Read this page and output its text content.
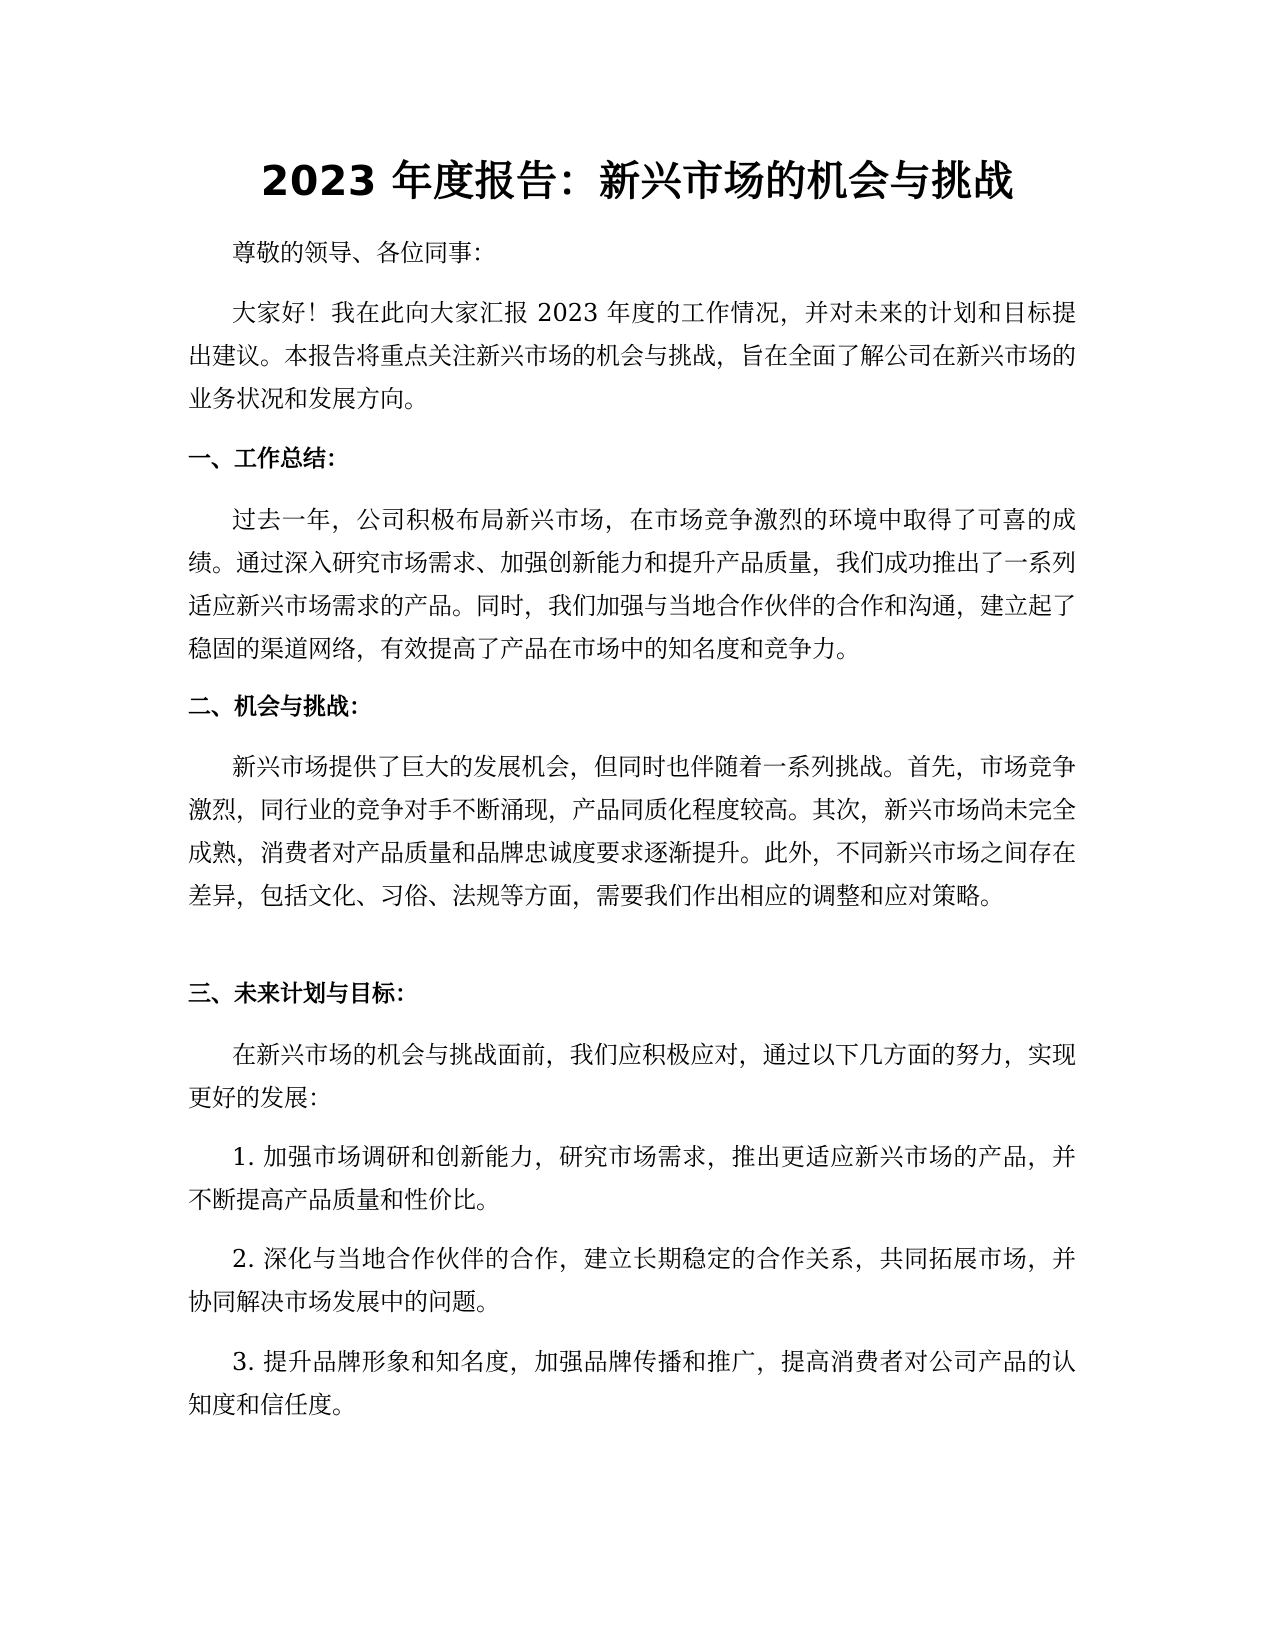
2023 年度报告：新兴市场的机会与挑战

尊敬的领导、各位同事：

大家好！我在此向大家汇报 2023 年度的工作情况，并对未来的计划和目标提出建议。本报告将重点关注新兴市场的机会与挑战，旨在全面了解公司在新兴市场的业务状况和发展方向。

一、工作总结：

过去一年，公司积极布局新兴市场，在市场竞争激烈的环境中取得了可喜的成绩。通过深入研究市场需求、加强创新能力和提升产品质量，我们成功推出了一系列适应新兴市场需求的产品。同时，我们加强与当地合作伙伴的合作和沟通，建立起了稳固的渠道网络，有效提高了产品在市场中的知名度和竞争力。

二、机会与挑战：

新兴市场提供了巨大的发展机会，但同时也伴随着一系列挑战。首先，市场竞争激烈，同行业的竞争对手不断涌现，产品同质化程度较高。其次，新兴市场尚未完全成熟，消费者对产品质量和品牌忠诚度要求逐渐提升。此外，不同新兴市场之间存在差异，包括文化、习俗、法规等方面，需要我们作出相应的调整和应对策略。

三、未来计划与目标：

在新兴市场的机会与挑战面前，我们应积极应对，通过以下几方面的努力，实现更好的发展：

1. 加强市场调研和创新能力，研究市场需求，推出更适应新兴市场的产品，并不断提高产品质量和性价比。

2. 深化与当地合作伙伴的合作，建立长期稳定的合作关系，共同拓展市场，并协同解决市场发展中的问题。

3. 提升品牌形象和知名度，加强品牌传播和推广，提高消费者对公司产品的认知度和信任度。
